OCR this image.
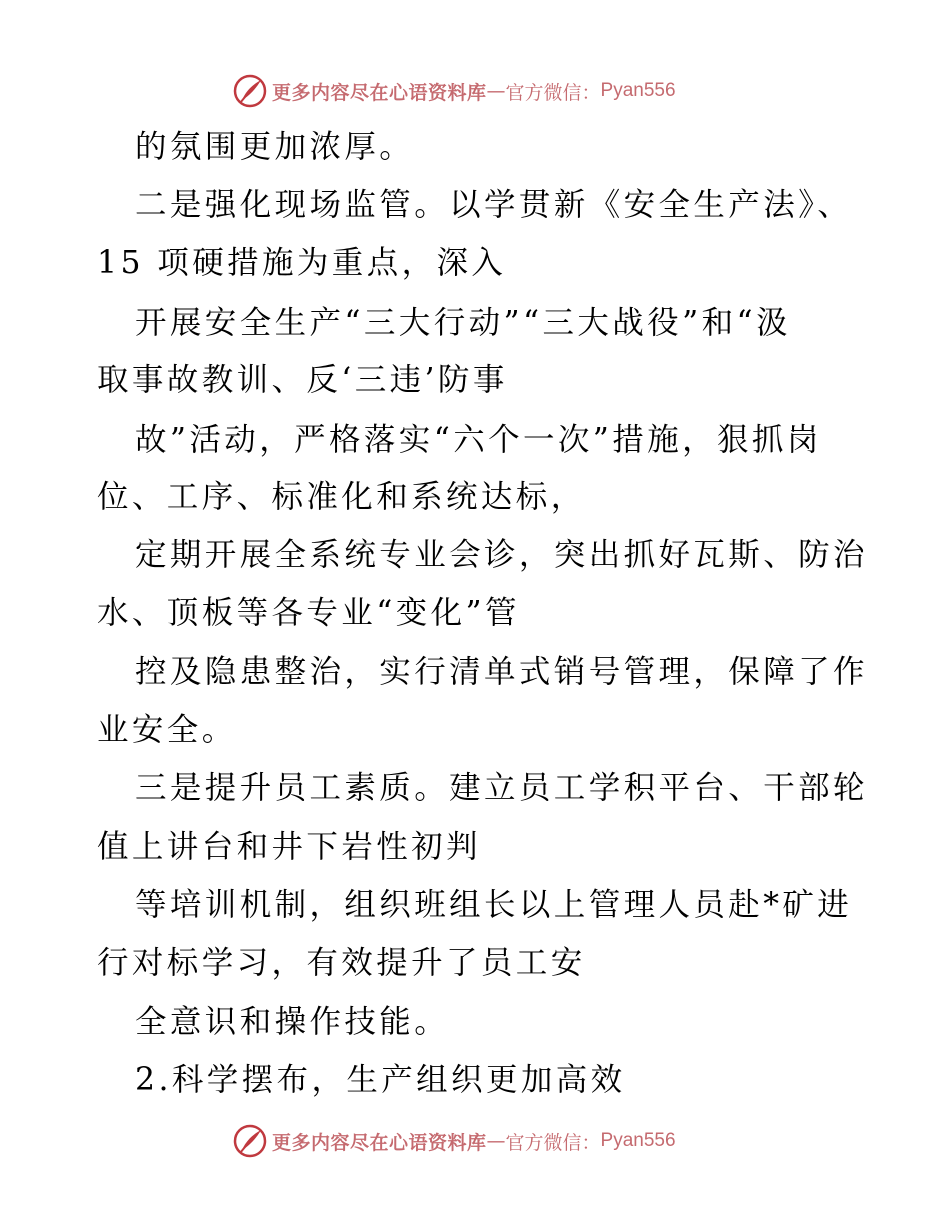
更多内容尽在心语资料库 — 官方微信： Pyan556
的氛围更加浓厚。
二是强化现场监管。以学贯新《安全生产法》、
15 项硬措施为重点，深入
开展安全生产“三大行动”“三大战役”和“汲
取事故教训、反‘三违’防事
故”活动，严格落实“六个一次”措施，狠抓岗
位、工序、标准化和系统达标，
定期开展全系统专业会诊，突出抓好瓦斯、防治
水、顶板等各专业“变化”管
控及隐患整治，实行清单式销号管理，保障了作
业安全。
三是提升员工素质。建立员工学积平台、干部轮
值上讲台和井下岩性初判
等培训机制，组织班组长以上管理人员赴*矿进
行对标学习，有效提升了员工安
全意识和操作技能。
2.科学摆布，生产组织更加高效
更多内容尽在心语资料库 — 官方微信： Pyan556
